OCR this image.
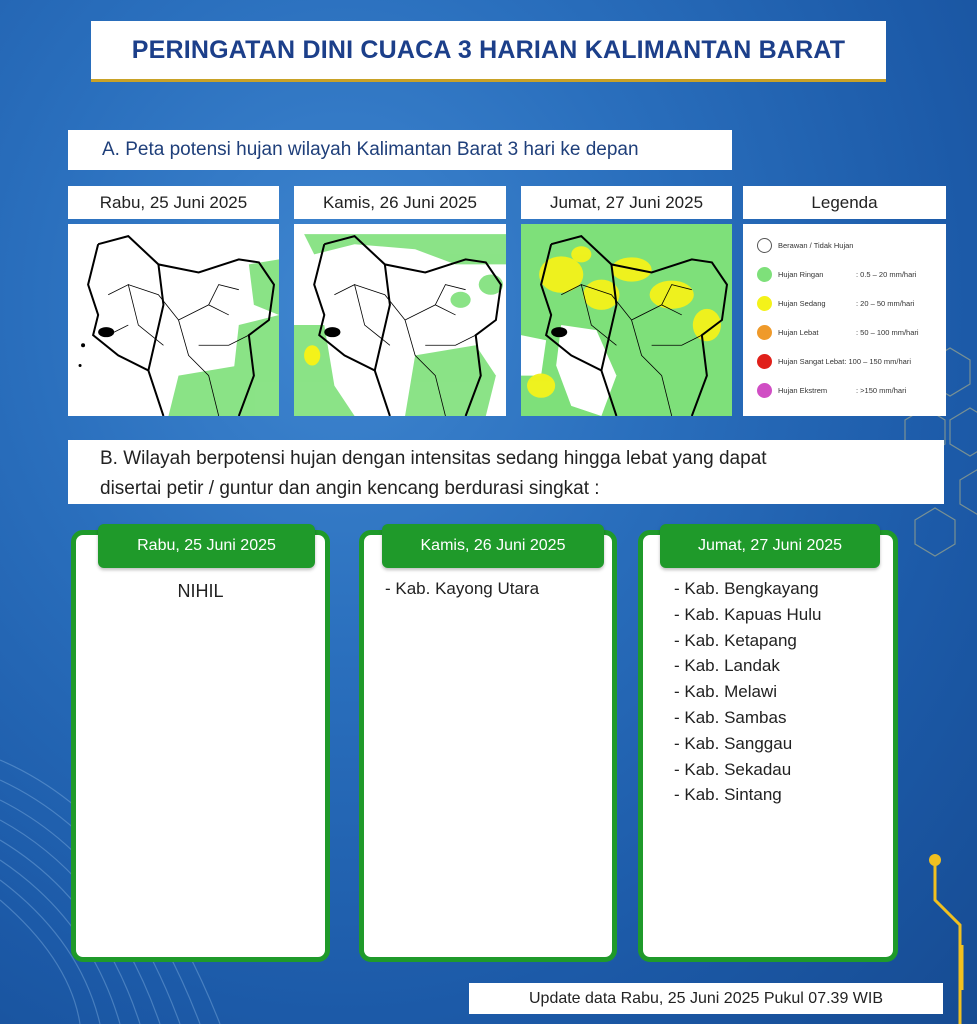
PERINGATAN DINI CUACA 3 HARIAN KALIMANTAN BARAT
A. Peta potensi hujan wilayah Kalimantan Barat 3 hari ke depan
Rabu, 25 Juni 2025	Kamis, 26 Juni 2025	Jumat, 27 Juni 2025	Legenda
Berawan / Tidak Hujan
Hujan Ringan	: 0.5 – 20 mm/hari
Hujan Sedang	: 20 – 50 mm/hari
Hujan Lebat	: 50 – 100 mm/hari
Hujan Sangat Lebat : 100 – 150 mm/hari
Hujan Ekstrem	: >150 mm/hari
B. Wilayah berpotensi hujan dengan intensitas sedang hingga lebat yang dapat
disertai petir / guntur dan angin kencang berdurasi singkat :
Rabu, 25 Juni 2025
NIHIL
Kamis, 26 Juni 2025
- Kab. Kayong Utara
Jumat, 27 Juni 2025
- Kab. Bengkayang
- Kab. Kapuas Hulu
- Kab. Ketapang
- Kab. Landak
- Kab. Melawi
- Kab. Sambas
- Kab. Sanggau
- Kab. Sekadau
- Kab. Sintang
Update data Rabu, 25 Juni 2025 Pukul 07.39 WIB
